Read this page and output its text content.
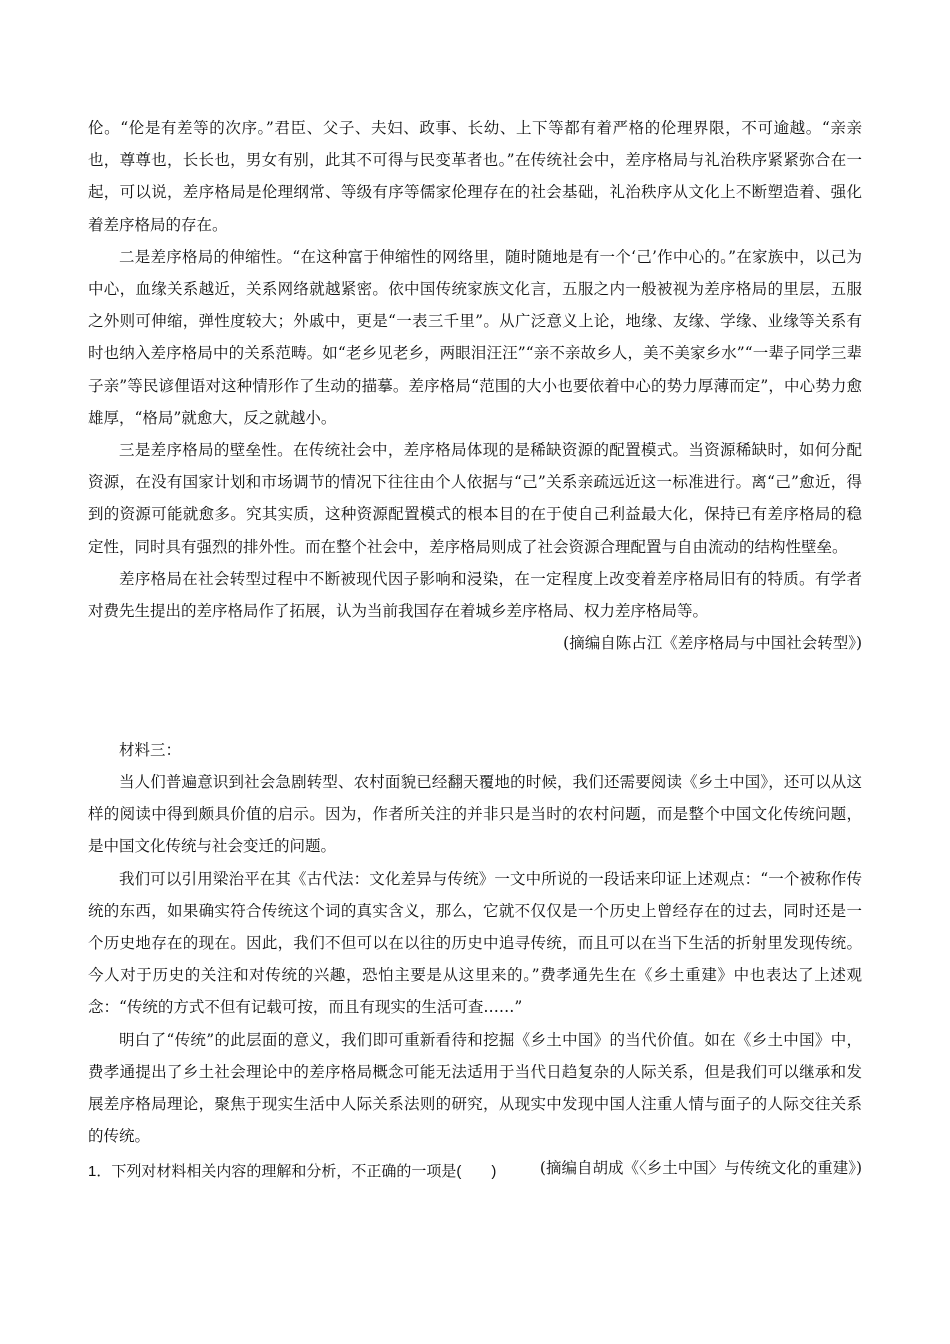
伦。“伦是有差等的次序。”君臣、父子、夫妇、政事、长幼、上下等都有着严格的伦理界限，不可逾越。“亲亲也，尊尊也，长长也，男女有别，此其不可得与民变革者也。”在传统社会中，差序格局与礼治秩序紧紧弥合在一起，可以说，差序格局是伦理纲常、等级有序等儒家伦理存在的社会基础，礼治秩序从文化上不断塑造着、强化着差序格局的存在。

二是差序格局的伸缩性。“在这种富于伸缩性的网络里，随时随地是有一个‘己’作中心的。”在家族中，以己为中心，血缘关系越近，关系网络就越紧密。依中国传统家族文化言，五服之内一般被视为差序格局的里层，五服之外则可伸缩，弹性度较大；外戚中，更是“一表三千里”。从广泛意义上论，地缘、友缘、学缘、业缘等关系有时也纳入差序格局中的关系范畴。如“老乡见老乡，两眼泪汪汪”“亲不亲故乡人，美不美家乡水”“一辈子同学三辈子亲”等民谚俚语对这种情形作了生动的描摹。差序格局“范围的大小也要依着中心的势力厚薄而定”，中心势力愈雄厚，“格局”就愈大，反之就越小。

三是差序格局的壁垒性。在传统社会中，差序格局体现的是稀缺资源的配置模式。当资源稀缺时，如何分配资源，在没有国家计划和市场调节的情况下往往由个人依据与“己”关系亲疏远近这一标准进行。离“己”愈近，得到的资源可能就愈多。究其实质，这种资源配置模式的根本目的在于使自己利益最大化，保持已有差序格局的稳定性，同时具有强烈的排外性。而在整个社会中，差序格局则成了社会资源合理配置与自由流动的结构性壁垒。

差序格局在社会转型过程中不断被现代因子影响和浸染，在一定程度上改变着差序格局旧有的特质。有学者对费先生提出的差序格局作了拓展，认为当前我国存在着城乡差序格局、权力差序格局等。

(摘编自陈占江《差序格局与中国社会转型》)

材料三：

当人们普遍意识到社会急剧转型、农村面貌已经翻天覆地的时候，我们还需要阅读《乡土中国》，还可以从这样的阅读中得到颇具价值的启示。因为，作者所关注的并非只是当时的农村问题，而是整个中国文化传统问题，是中国文化传统与社会变迁的问题。

我们可以引用梁治平在其《古代法：文化差异与传统》一文中所说的一段话来印证上述观点：“一个被称作传统的东西，如果确实符合传统这个词的真实含义，那么，它就不仅仅是一个历史上曾经存在的过去，同时还是一个历史地存在的现在。因此，我们不但可以在以往的历史中追寻传统，而且可以在当下生活的折射里发现传统。今人对于历史的关注和对传统的兴趣，恐怕主要是从这里来的。”费孝通先生在《乡土重建》中也表达了上述观念：“传统的方式不但有记载可按，而且有现实的生活可查……”

明白了“传统”的此层面的意义，我们即可重新看待和挖掘《乡土中国》的当代价值。如在《乡土中国》中，费孝通提出了乡土社会理论中的差序格局概念可能无法适用于当代日趋复杂的人际关系，但是我们可以继承和发展差序格局理论，聚焦于现实生活中人际关系法则的研究，从现实中发现中国人注重人情与面子的人际交往关系的传统。

(摘编自胡成《〈乡土中国〉与传统文化的重建》)

1．下列对材料相关内容的理解和分析，不正确的一项是(　　)
